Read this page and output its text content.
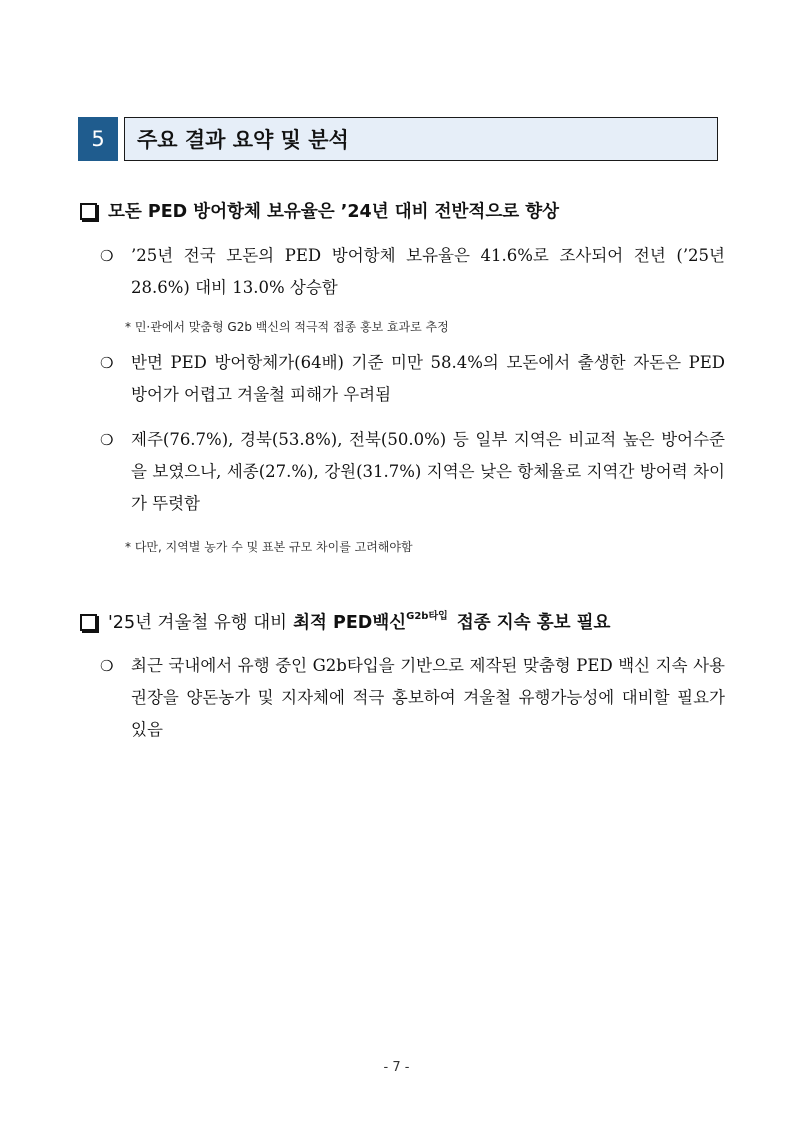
5	주요 결과 요약 및 분석
모돈 PED 방어항체 보유율은 ’24년 대비 전반적으로 향상
❍	’25년 전국 모돈의 PED 방어항체 보유율은 41.6%로 조사되어 전년 (’25년 28.6%) 대비 13.0% 상승함
* 민·관에서 맞춤형 G2b 백신의 적극적 접종 홍보 효과로 추정
❍	반면 PED 방어항체가(64배) 기준 미만 58.4%의 모돈에서 출생한 자돈은 PED 방어가 어렵고 겨울철 피해가 우려됨
❍	제주(76.7%), 경북(53.8%), 전북(50.0%) 등 일부 지역은 비교적 높은 방어수준을 보였으나, 세종(27.%), 강원(31.7%) 지역은 낮은 항체율로 지역간 방어력 차이가 뚜렷함
* 다만, 지역별 농가 수 및 표본 규모 차이를 고려해야함
'25년 겨울철 유행 대비
최적 PED백신 G2b타입
접종 지속 홍보 필요
❍	최근 국내에서 유행 중인 G2b타입을 기반으로 제작된 맞춤형 PED 백신 지속 사용 권장을 양돈농가 및 지자체에 적극 홍보하여 겨울철 유행가능성에 대비할 필요가 있음
- 7 -
